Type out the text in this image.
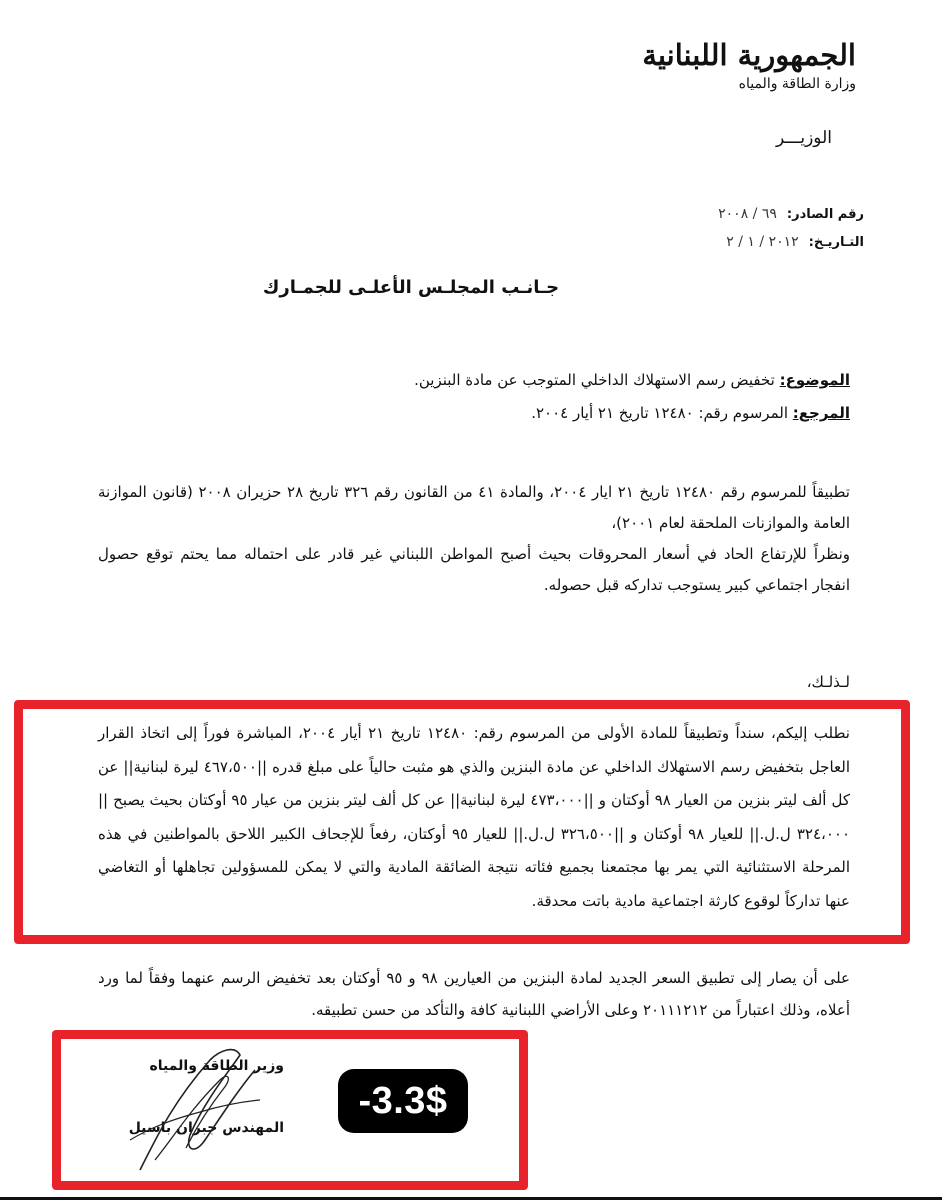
الجمهورية اللبنانية
وزارة الطاقة والمياه
الوزيـــر
رقم الصادر:
٦٩ / ٢٠٠٨
التـاريـخ:
٢٠١٢ / ١ / ٢
جـانـب المجلـس الأعلـى للجمـارك
الموضوع: تخفيض رسم الاستهلاك الداخلي المتوجب عن مادة البنزين.
المرجع: المرسوم رقم: ١٢٤٨٠ تاريخ ٢١ أيار ٢٠٠٤.

تطبيقاً للمرسوم رقم ١٢٤٨٠ تاريخ ٢١ ايار ٢٠٠٤، والمادة ٤١ من القانون رقم ٣٢٦ تاريخ ٢٨ حزيران ٢٠٠٨ (قانون الموازنة العامة والموازنات الملحقة لعام ٢٠٠١)،

ونظراً للإرتفاع الحاد في أسعار المحروقات بحيث أصبح المواطن اللبناني غير قادر على احتماله مما يحتم توقع حصول انفجار اجتماعي كبير يستوجب تداركه قبل حصوله.

لـذلـك،

نطلب إليكم، سنداً وتطبيقاً للمادة الأولى من المرسوم رقم: ١٢٤٨٠ تاريخ ٢١ أيار ٢٠٠٤، المباشرة فوراً إلى اتخاذ القرار العاجل بتخفيض رسم الاستهلاك الداخلي عن مادة البنزين والذي هو مثبت حالياً على مبلغ قدره ||٤٦٧،٥٠٠ ليرة لبنانية|| عن كل ألف ليتر بنزين من العيار ٩٨ أوكتان و ||٤٧٣،٠٠٠ ليرة لبنانية|| عن كل ألف ليتر بنزين من عيار ٩٥ أوكتان بحيث يصبح ||٣٢٤،٠٠٠ ل.ل.|| للعيار ٩٨ أوكتان و ||٣٢٦،٥٠٠ ل.ل.|| للعيار ٩٥ أوكتان، رفعاً للإجحاف الكبير اللاحق بالمواطنين في هذه المرحلة الاستثنائية التي يمر بها مجتمعنا بجميع فئاته نتيجة الضائقة المادية والتي لا يمكن للمسؤولين تجاهلها أو التغاضي عنها تداركاً لوقوع كارثة اجتماعية مادية باتت محدقة.

على أن يصار إلى تطبيق السعر الجديد لمادة البنزين من العيارين ٩٨ و ٩٥ أوكتان بعد تخفيض الرسم عنهما وفقاً لما ورد أعلاه، وذلك اعتباراً من ٢٠١١١٢١٢ وعلى الأراضي اللبنانية كافة والتأكد من حسن تطبيقه.

وزير الطاقة والمياه
المهندس جبران باسيل
-3.3$
